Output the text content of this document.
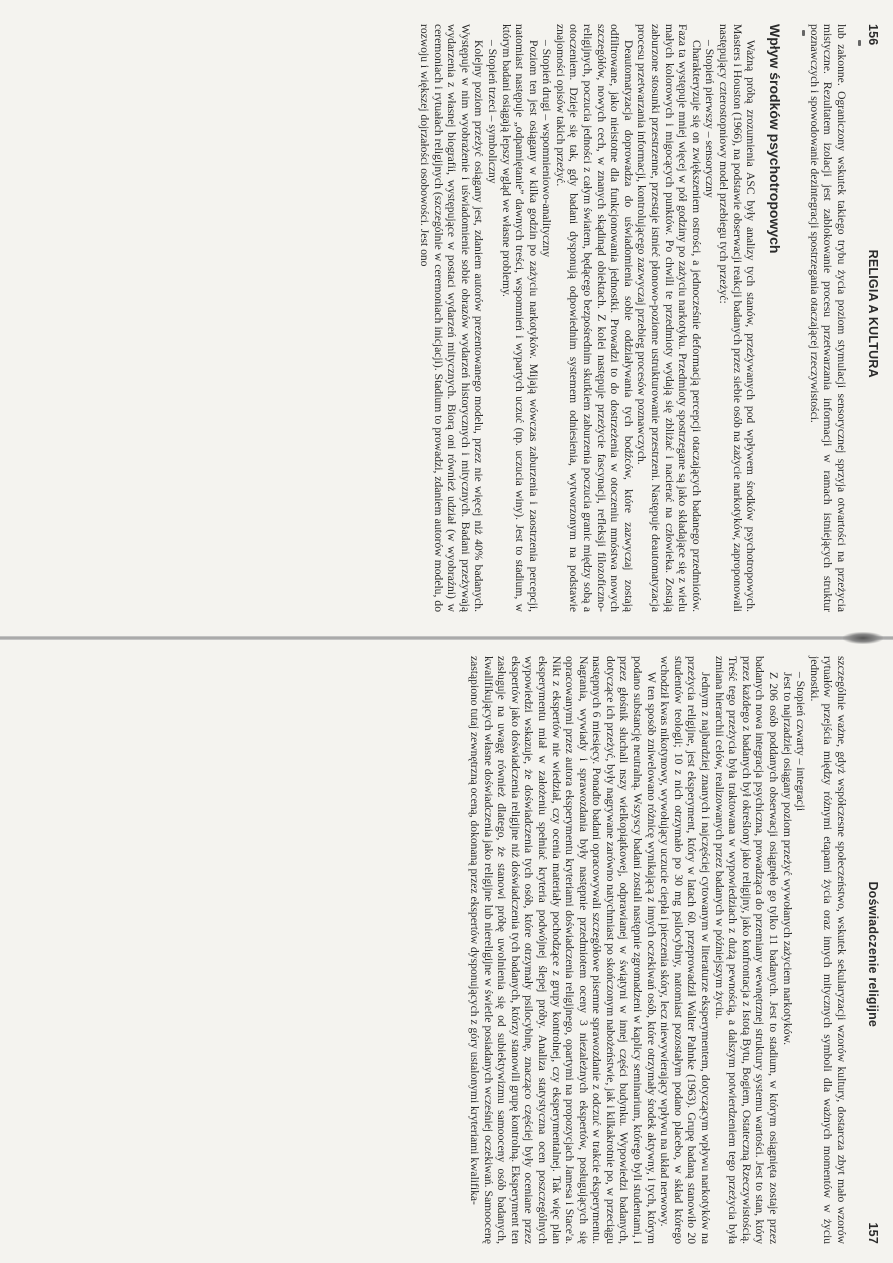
156
RELIGIA A KULTURA

lub zakonne. Ograniczony wskutek takiego trybu życia poziom stymulacji sensorycznej sprzyja otwartości na przeżycia mistyczne. Rezultatem izolacji jest zablokowanie procesu przetwarzania informacji w ramach istniejących struktur poznawczych i spowodowanie dezintegracji spostrzegania otaczającej rzeczywistości.

Wpływ środków psychotropowych

Ważną próbą zrozumienia ASC były analizy tych stanów, przeżywanych pod wpływem środków psychotropowych. Masters i Houston (1966), na podstawie obserwacji reakcji badanych przez siebie osób na zażycie narkotyków, zaproponowali następujący czterostopniowy model przebiegu tych przeżyć:

– Stopień pierwszy – sensoryczny

Charakteryzuje się on zwiększeniem ostrości, a jednocześnie deformacją percepcji otaczających badanego przedmiotów. Faza ta występuje mniej więcej w pół godziny po zażyciu narkotyku. Przedmioty spostrzegane są jako składające się z wielu małych kolorowych i migocących punktów. Po chwili te przedmioty wydają się zbliżać i nacierać na człowieka. Zostają zaburzone stosunki przestrzenne, przestaje istnieć płonowo-poziome ustrukturowanie przestrzeni. Następuje deautomatyzacja procesu przetwarzania informacji, kontrolującego zazwyczaj przebieg procesów poznawczych.

Deautomatyzacja doprowadza do uświadomienia sobie oddziaływania tych bodźców, które zazwyczaj zostają odfiltrowane, jako nieistotne dla funkcjonowania jednostki. Prowadzi to do dostrzeżenia w otoczeniu mnóstwa nowych szczegółów, nowych cech, w znanych skądinąd obiektach. Z kolei następuje przeżycie fascynacji, refleksji filozoficzno-religijnych, poczucia jedności z całym światem, będącego bezpośrednim skutkiem zaburzenia poczucia granic między sobą a otoczeniem. Dzieje się tak, gdy badani dysponują odpowiednim systemem odniesienia, wytworzonym na podstawie znajomości opisów takich przeżyć.

– Stopień drugi – wspomnieniowo-analityczny

Poziom ten jest osiągany w kilka godzin po zażyciu narkotyków. Mijają wówczas zaburzenia i zaostrzenia percepcji, natomiast następuje „odpamiętanie” dawnych treści, wspomnień i wypartych uczuć (np. uczucia winy). Jest to stadium, w którym badani osiągają lepszy wgląd we własne problemy.

– Stopień trzeci – symboliczny

Kolejny poziom przeżyć osiągany jest, zdaniem autorów prezentowanego modelu, przez nie więcej niż 40% badanych. Występuje w nim wyobrażenie i uświadomienie sobie obrazów wydarzeń historycznych i mitycznych. Badani przeżywają wydarzenia z własnej biografii, występujące w postaci wydarzeń mitycznych. Biorą oni również udział (w wyobraźni) w ceremoniach i rytuałach religijnych (szczególnie w ceremoniach inicjacji). Stadium to prowadzi, zdaniem autorów modelu, do rozwoju i większej dojrzałości osobowości. Jest ono

Doświadczenie religijne
157

szczególnie ważne, gdyż współczesne społeczeństwo, wskutek sekularyzacji wzorów kultury, dostarcza zbyt mało wzorów rytuałów przejścia między różnymi etapami życia oraz innych mitycznych symboli dla ważnych momentów w życiu jednostki.

– Stopień czwarty – integracji

Jest to najrzadziej osiągany poziom przeżyć wywołanych zażyciem narkotyków.

Z 206 osób poddanych obserwacji osiągnęło go tylko 11 badanych. Jest to stadium, w którym osiągnięta zostaje przez badanych nowa integracja psychiczna, prowadząca do przemiany wewnętrznej struktury systemu wartości. Jest to stan, który przez każdego z badanych był określony jako religijny, jako konfrontacja z Istotą Bytu, Bogiem, Ostateczną Rzeczywistością. Treść tego przeżycia była traktowana w wypowiedziach z dużą pewnością, a dalszym potwierdzeniem tego przeżycia była zmiana hierarchii celów, realizowanych przez badanych w późniejszym życiu.

Jednym z najbardziej znanych i najczęściej cytowanym w literaturze eksperymentem, dotyczącym wpływu narkotyków na przeżycia religijne, jest eksperyment, który w latach 60. przeprowadził Walter Pahnke (1963). Grupę badaną stanowiło 20 studentów teologii; 10 z nich otrzymało po 30 mg psilocybiny, natomiast pozostałym podano placebo, w skład którego wchodził kwas nikotynowy, wywołujący uczucie ciepła i pieczenia skóry, lecz niewywierający wpływu na układ nerwowy.

W ten sposób zniwelowano różnicę wynikającą z innych oczekiwań osób, które otrzymały środek aktywny, i tych, którym podano substancję neutralną. Wszyscy badani zostali następnie zgromadzeni w kaplicy seminarium, którego byli studentami, i przez głośnik słuchali nszy wielkopiątkowej, odprawianej w świątyni w innej części budynku. Wypowiedzi badanych, dotyczące ich przeżyć, były nagrywane zarówno natychmiast po skończonym nabożeństwie, jak i kilkakrotnie po, w przeciągu następnych 6 miesięcy. Ponadto badani opracowywali szczegółowe pisemne sprawozdanie z odczuć w trakcie eksperymentu. Nagrania, wywiady i sprawozdania były następnie przedmiotem oceny 3 niezależnych ekspertów, posługujących się opracowanymi przez autora eksperymentu kryteriami doświadczenia religijnego, opartymi na propozycjach Jamesa i Stace'a. Nikt z ekspertów nie wiedział, czy ocenia materiały pochodzące z grupy kontrolnej, czy eksperymentalnej. Tak więc plan eksperymentu miał w założeniu spełniać kryteria podwójnej ślepej próby. Analiza statystyczna ocen poszczególnych wypowiedzi wskazuje, że doświadczenia tych osób, które otrzymały psilocybinę, znacząco częściej były oceniane przez ekspertów jako doświadczenia religijne niż doświadczenia tych badanych, którzy stanowili grupę kontrolną. Eksperyment ten zasługuje na uwagę również dlatego, że stanowi próbę uwolnienia się od subiektywizmu samooceny osób badanych, kwalifikujących własne doświadczenia jako religijne lub niereligijne w świetle posiadanych wcześniej oczekiwań. Samoocenę zastąpiono tutaj zewnętrzną oceną, dokonaną przez ekspertów dysponujących z góry ustalonymi kryteriami kwalifika-
